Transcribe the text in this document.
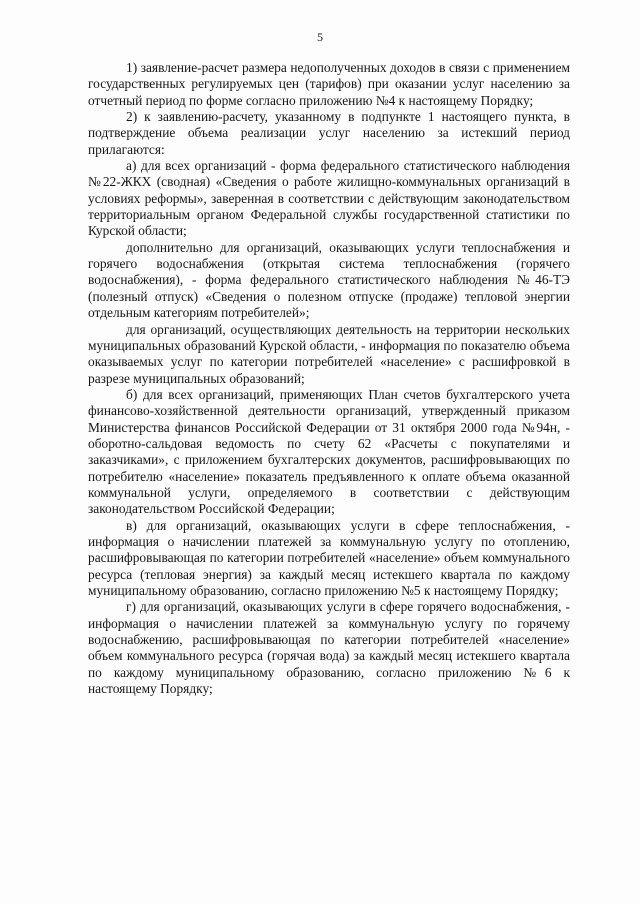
5

1) заявление-расчет размера недополученных доходов в связи с применением государственных регулируемых цен (тарифов) при оказании услуг населению за отчетный период по форме согласно приложению №4 к настоящему Порядку;

2) к заявлению-расчету, указанному в подпункте 1 настоящего пункта, в подтверждение объема реализации услуг населению за истекший период прилагаются:

а) для всех организаций - форма федерального статистического наблюдения №22-ЖКХ (сводная) «Сведения о работе жилищно-коммунальных организаций в условиях реформы», заверенная в соответствии с действующим законодательством территориальным органом Федеральной службы государственной статистики по Курской области;

дополнительно для организаций, оказывающих услуги теплоснабжения и горячего водоснабжения (открытая система теплоснабжения (горячего водоснабжения), - форма федерального статистического наблюдения №46-ТЭ (полезный отпуск) «Сведения о полезном отпуске (продаже) тепловой энергии отдельным категориям потребителей»;

для организаций, осуществляющих деятельность на территории нескольких муниципальных образований Курской области, - информация по показателю объема оказываемых услуг по категории потребителей «население» с расшифровкой в разрезе муниципальных образований;

б) для всех организаций, применяющих План счетов бухгалтерского учета финансово-хозяйственной деятельности организаций, утвержденный приказом Министерства финансов Российской Федерации от 31 октября 2000 года №94н, - оборотно-сальдовая ведомость по счету 62 «Расчеты с покупателями и заказчиками», с приложением бухгалтерских документов, расшифровывающих по потребителю «население» показатель предъявленного к оплате объема оказанной коммунальной услуги, определяемого в соответствии с действующим законодательством Российской Федерации;

в) для организаций, оказывающих услуги в сфере теплоснабжения, - информация о начислении платежей за коммунальную услугу по отоплению, расшифровывающая по категории потребителей «население» объем коммунального ресурса (тепловая энергия) за каждый месяц истекшего квартала по каждому муниципальному образованию, согласно приложению №5 к настоящему Порядку;

г) для организаций, оказывающих услуги в сфере горячего водоснабжения, - информация о начислении платежей за коммунальную услугу по горячему водоснабжению, расшифровывающая по категории потребителей «население» объем коммунального ресурса (горячая вода) за каждый месяц истекшего квартала по каждому муниципальному образованию, согласно приложению №6 к настоящему Порядку;
